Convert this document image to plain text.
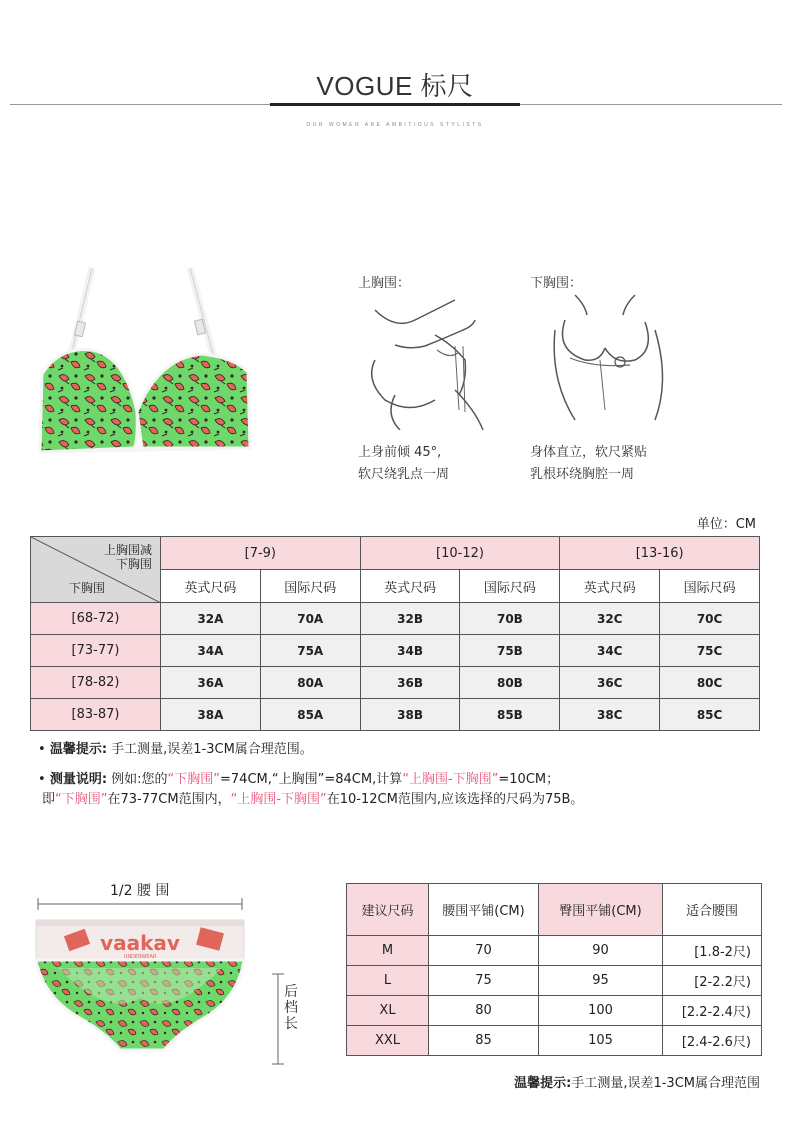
VOGUE 标尺
OUR WOMEN ARE AMBITIOUS STYLISTS
上胸围：
上身前倾 45°,
软尺绕乳点一周
下胸围：
身体直立，软尺紧贴
乳根环绕胸腔一周
单位：CM
上胸围减
下胸围
下胸围	[7-9)		[10-12)		[13-16)	
	英式尺码	国际尺码	英式尺码	国际尺码	英式尺码	国际尺码
[68-72)	32A	70A	32B	70B	32C	70C
[73-77)	34A	75A	34B	75B	34C	75C
[78-82)	36A	80A	36B	80B	36C	80C
[83-87)	38A	85A	38B	85B	38C	85C
• 温馨提示: 手工测量,误差1-3CM属合理范围。
• 测量说明: 例如:您的“下胸围”=74CM,“上胸围”=84CM,计算“上胸围-下胸围”=10CM；
即“下胸围”在73-77CM范围内，“上胸围-下胸围”在10-12CM范围内,应该选择的尺码为75B。
1/2 腰 围
vaakav
UNDERWEAR
后档长
建议尺码	腰围平铺(CM)	臀围平铺(CM)	适合腰围
M	70	90	[1.8-2尺)
L	75	95	[2-2.2尺)
XL	80	100	[2.2-2.4尺)
XXL	85	105	[2.4-2.6尺)
温馨提示:手工测量,误差1-3CM属合理范围
